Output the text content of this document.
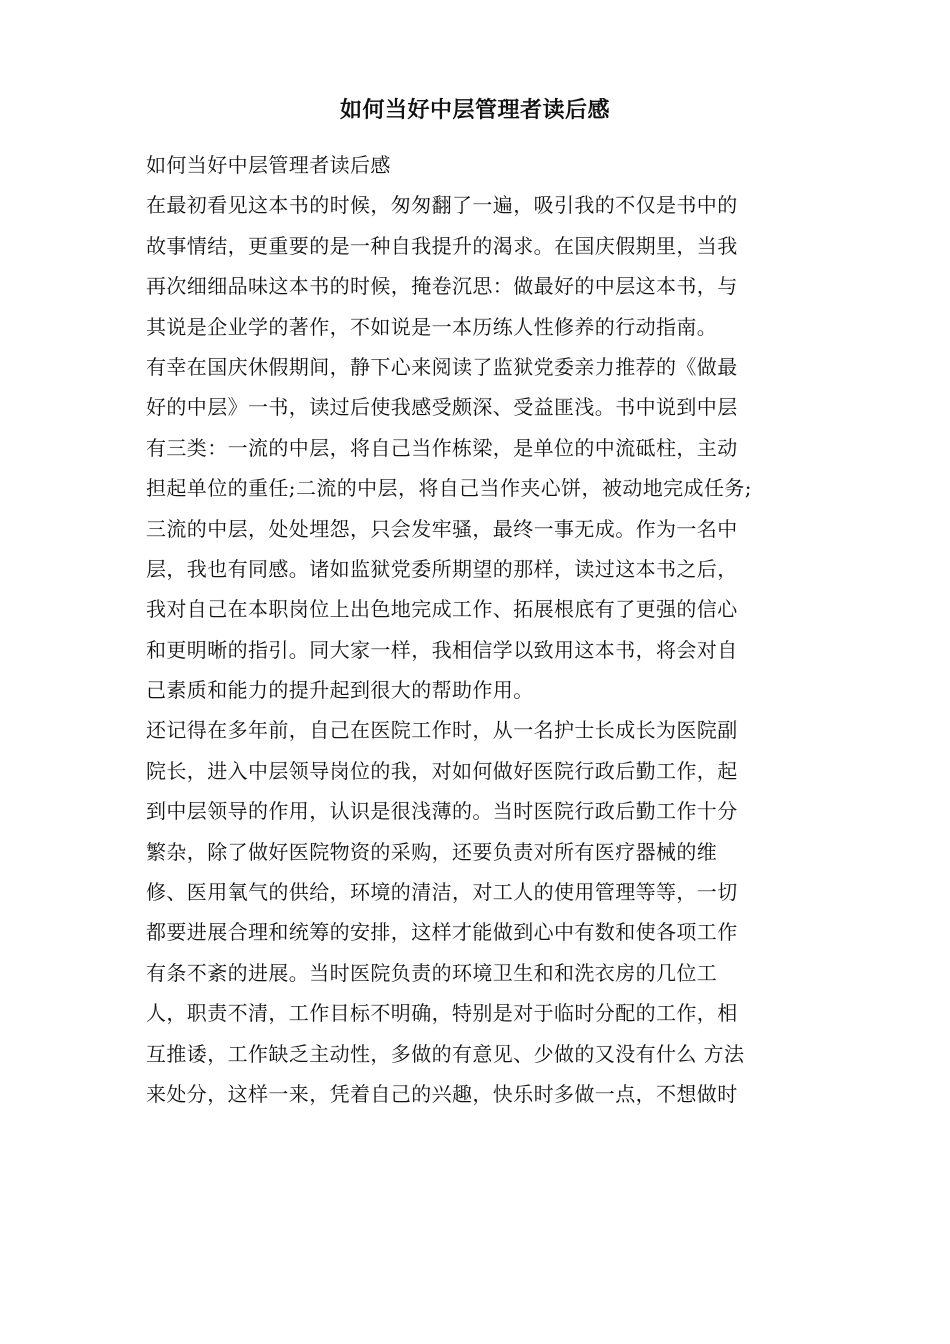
如何当好中层管理者读后感
如何当好中层管理者读后感
在最初看见这本书的时候，匆匆翻了一遍，吸引我的不仅是书中的
故事情结，更重要的是一种自我提升的渴求。在国庆假期里，当我
再次细细品味这本书的时候，掩卷沉思：做最好的中层这本书，与
其说是企业学的著作，不如说是一本历练人性修养的行动指南。
有幸在国庆休假期间，静下心来阅读了监狱党委亲力推荐的《做最
好的中层》一书，读过后使我感受颇深、受益匪浅。书中说到中层
有三类：一流的中层，将自己当作栋梁，是单位的中流砥柱，主动
担起单位的重任;二流的中层，将自己当作夹心饼，被动地完成任务;
三流的中层，处处埋怨，只会发牢骚，最终一事无成。作为一名中
层，我也有同感。诸如监狱党委所期望的那样，读过这本书之后，
我对自己在本职岗位上出色地完成工作、拓展根底有了更强的信心
和更明晰的指引。同大家一样，我相信学以致用这本书，将会对自
己素质和能力的提升起到很大的帮助作用。
还记得在多年前，自己在医院工作时，从一名护士长成长为医院副
院长，进入中层领导岗位的我，对如何做好医院行政后勤工作，起
到中层领导的作用，认识是很浅薄的。当时医院行政后勤工作十分
繁杂，除了做好医院物资的采购，还要负责对所有医疗器械的维
修、医用氧气的供给，环境的清洁，对工人的使用管理等等，一切
都要进展合理和统筹的安排，这样才能做到心中有数和使各项工作
有条不紊的进展。当时医院负责的环境卫生和和洗衣房的几位工
人，职责不清，工作目标不明确，特别是对于临时分配的工作，相
互推诿，工作缺乏主动性，多做的有意见、少做的又没有什么 方法
来处分，这样一来，凭着自己的兴趣，快乐时多做一点，不想做时
